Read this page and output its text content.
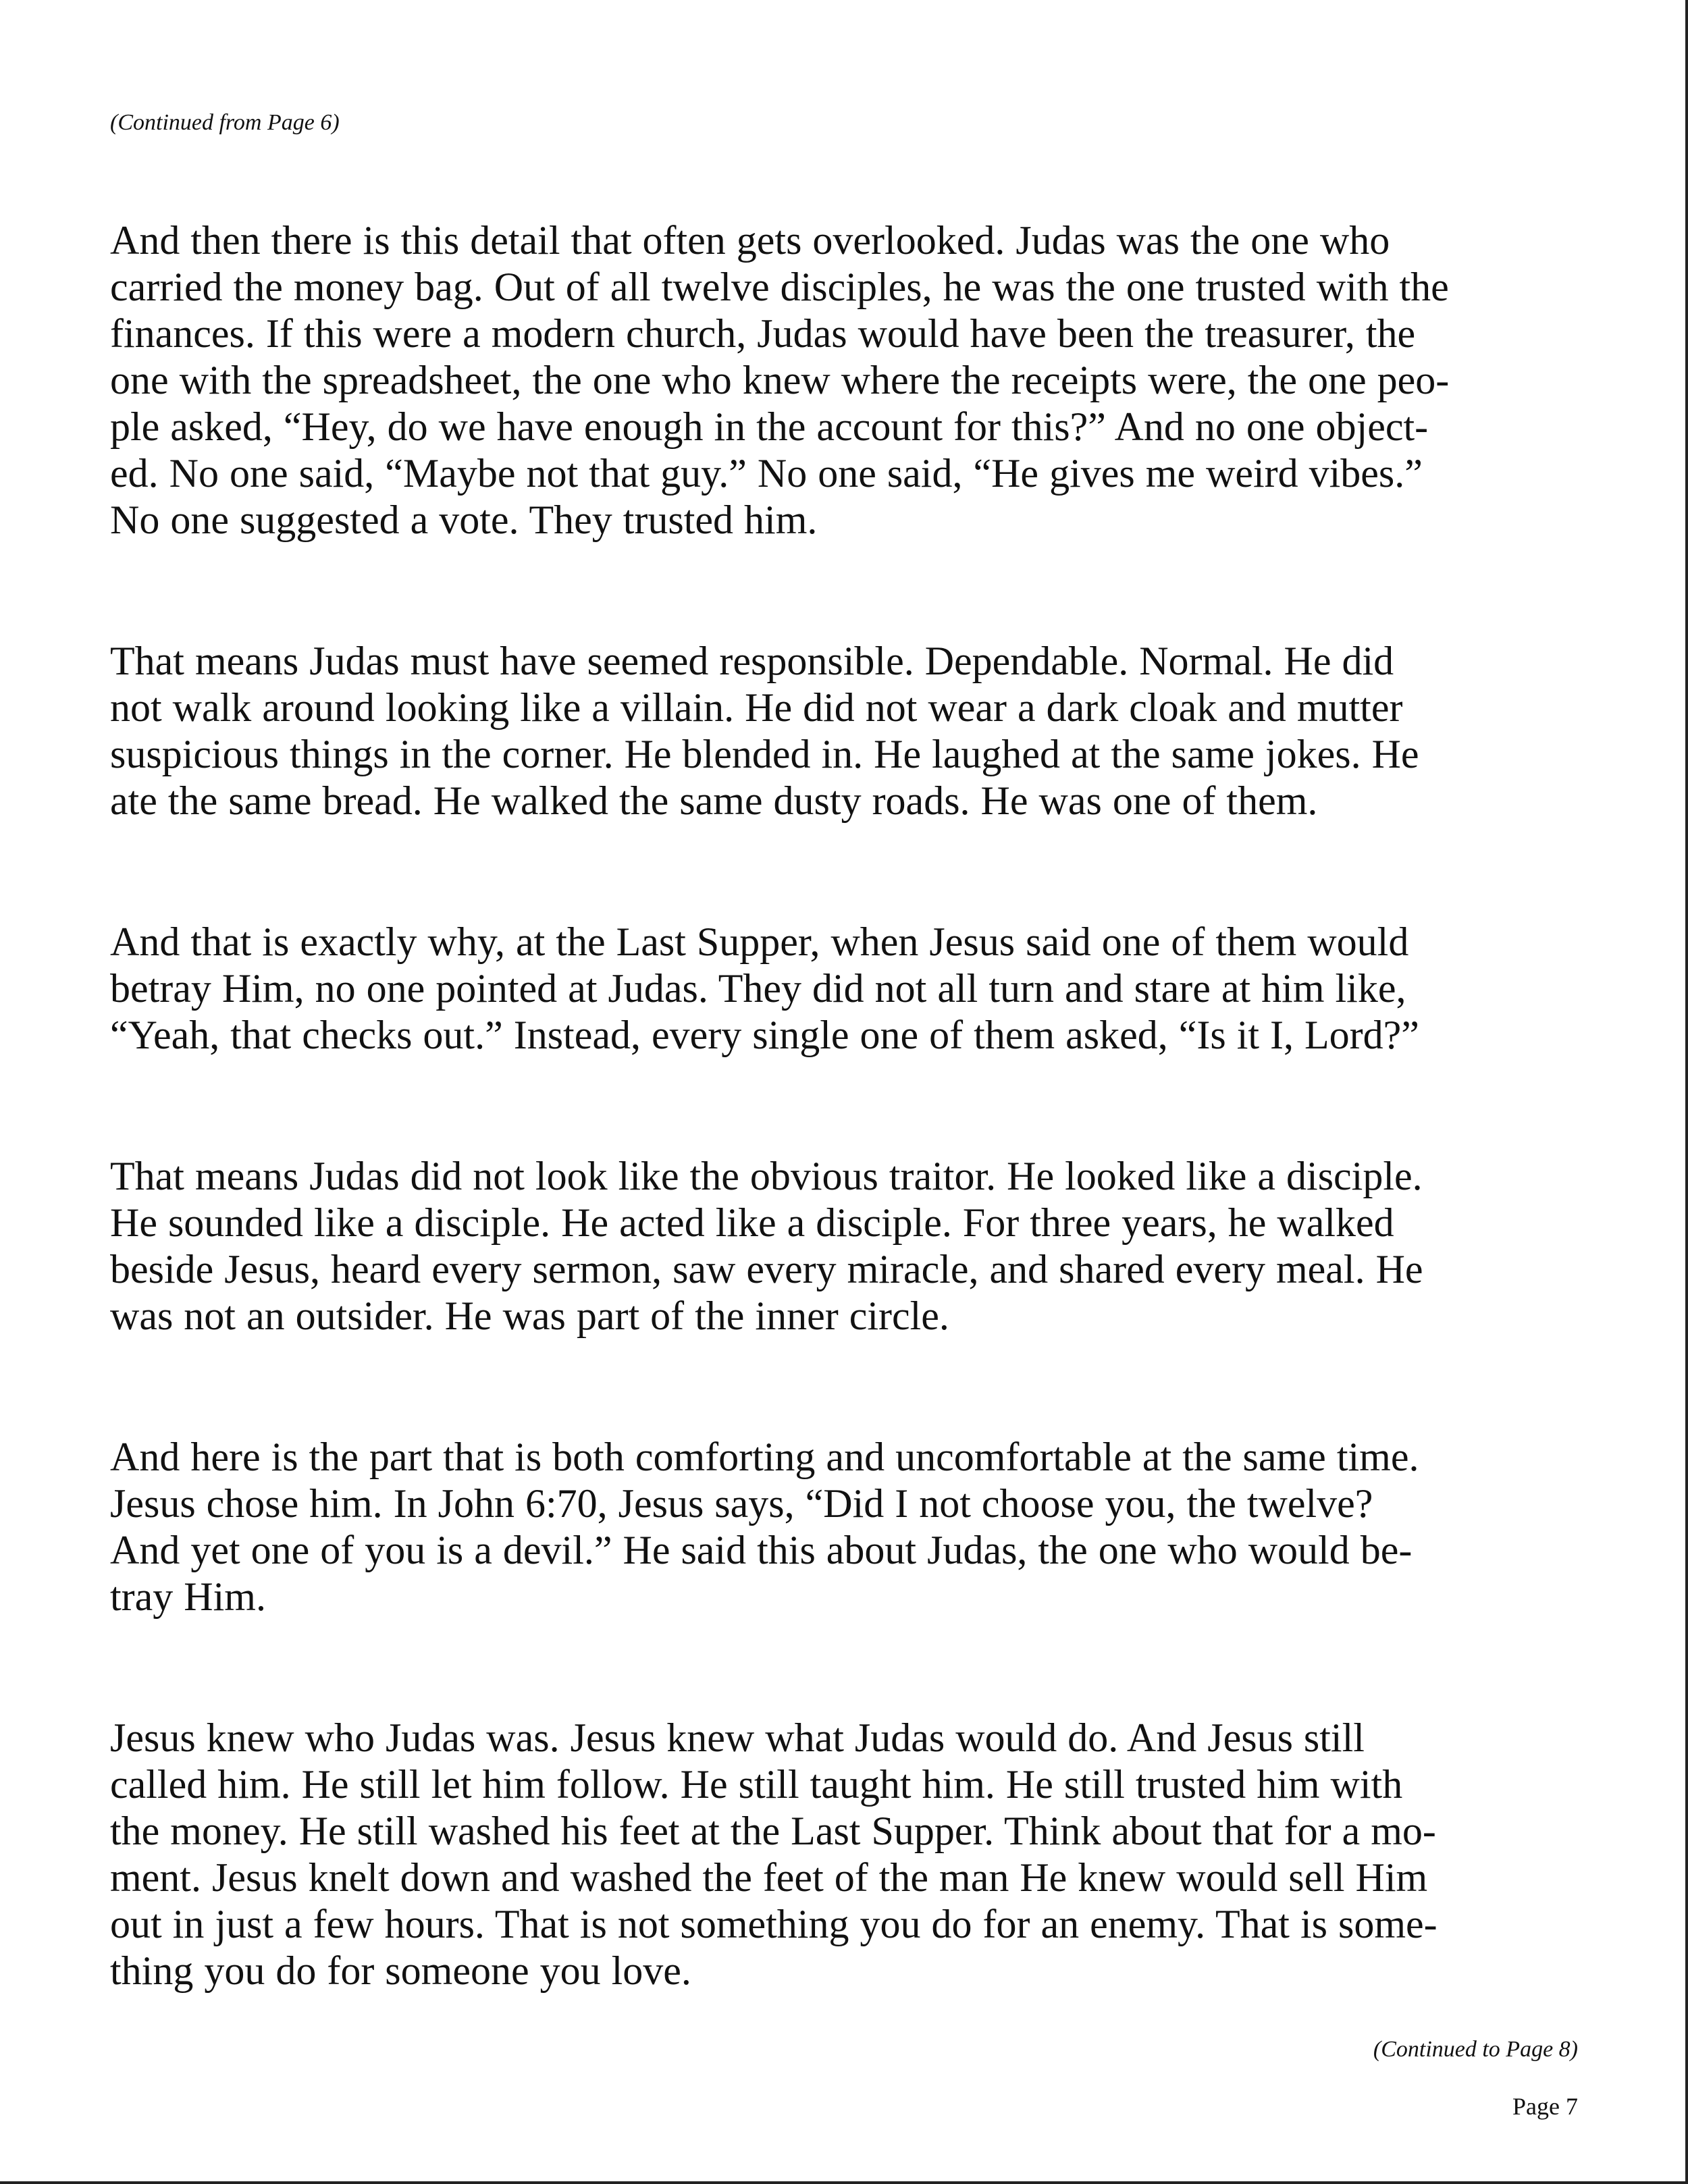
(Continued from Page 6)

And then there is this detail that often gets overlooked. Judas was the one who
carried the money bag. Out of all twelve disciples, he was the one trusted with the
finances. If this were a modern church, Judas would have been the treasurer, the
one with the spreadsheet, the one who knew where the receipts were, the one peo-
ple asked, “Hey, do we have enough in the account for this?” And no one object-
ed. No one said, “Maybe not that guy.” No one said, “He gives me weird vibes.”
No one suggested a vote. They trusted him.

That means Judas must have seemed responsible. Dependable. Normal. He did
not walk around looking like a villain. He did not wear a dark cloak and mutter
suspicious things in the corner. He blended in. He laughed at the same jokes. He
ate the same bread. He walked the same dusty roads. He was one of them.

And that is exactly why, at the Last Supper, when Jesus said one of them would
betray Him, no one pointed at Judas. They did not all turn and stare at him like,
“Yeah, that checks out.” Instead, every single one of them asked, “Is it I, Lord?”

That means Judas did not look like the obvious traitor. He looked like a disciple.
He sounded like a disciple. He acted like a disciple. For three years, he walked
beside Jesus, heard every sermon, saw every miracle, and shared every meal. He
was not an outsider. He was part of the inner circle.

And here is the part that is both comforting and uncomfortable at the same time.
Jesus chose him. In John 6:70, Jesus says, “Did I not choose you, the twelve?
And yet one of you is a devil.” He said this about Judas, the one who would be-
tray Him.

Jesus knew who Judas was. Jesus knew what Judas would do. And Jesus still
called him. He still let him follow. He still taught him. He still trusted him with
the money. He still washed his feet at the Last Supper. Think about that for a mo-
ment. Jesus knelt down and washed the feet of the man He knew would sell Him
out in just a few hours. That is not something you do for an enemy. That is some-
thing you do for someone you love.

(Continued to Page 8)
Page 7
